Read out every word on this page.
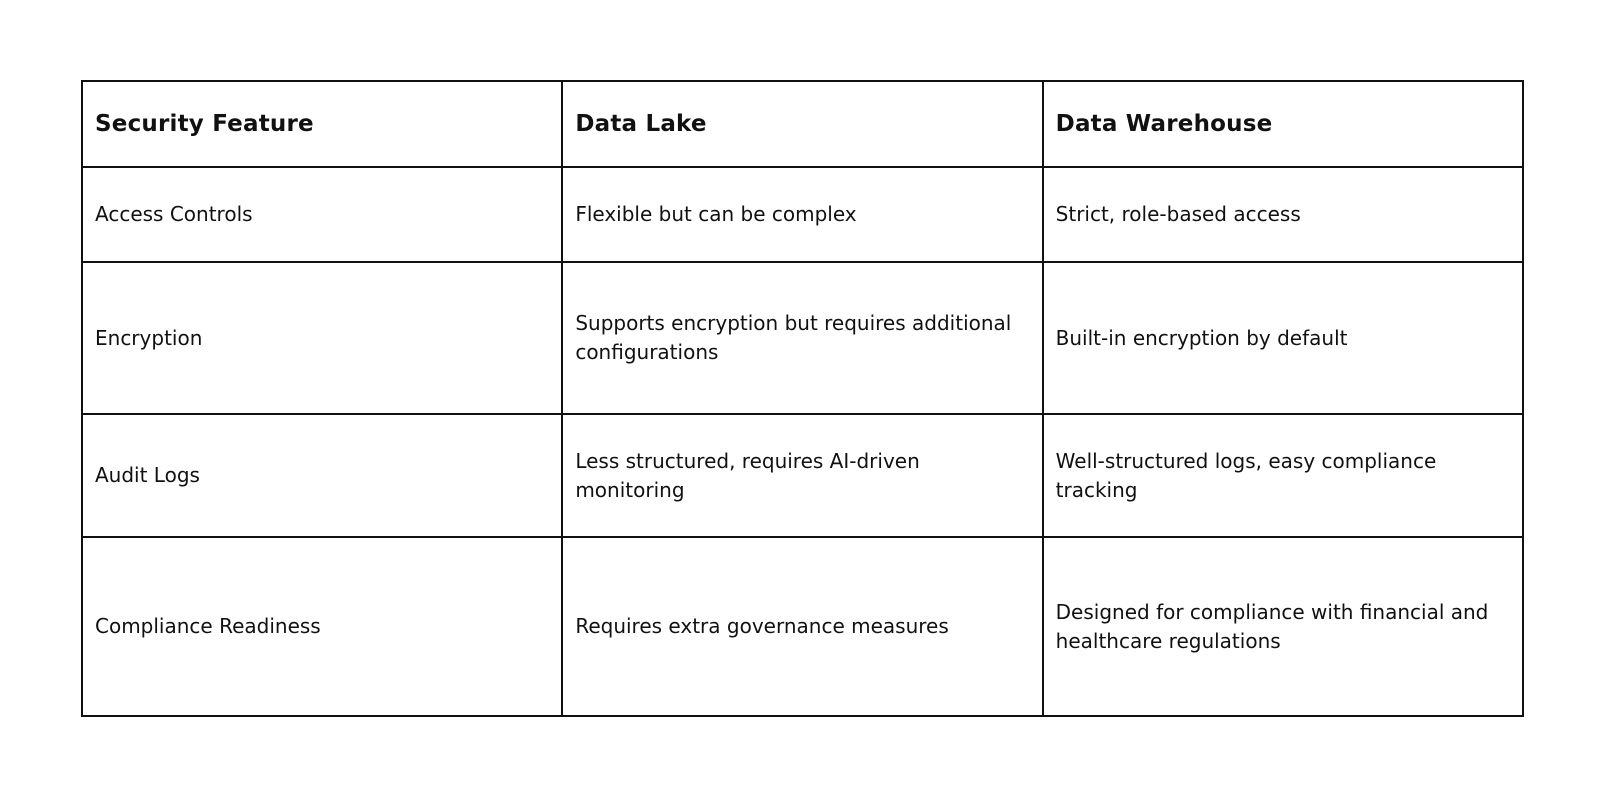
Security Feature	Data Lake	Data Warehouse
Access Controls	Flexible but can be complex	Strict, role-based access
Encryption	Supports encryption but requires additional configurations	Built-in encryption by default
Audit Logs	Less structured, requires AI-driven monitoring	Well-structured logs, easy compliance tracking
Compliance Readiness	Requires extra governance measures	Designed for compliance with financial and healthcare regulations
